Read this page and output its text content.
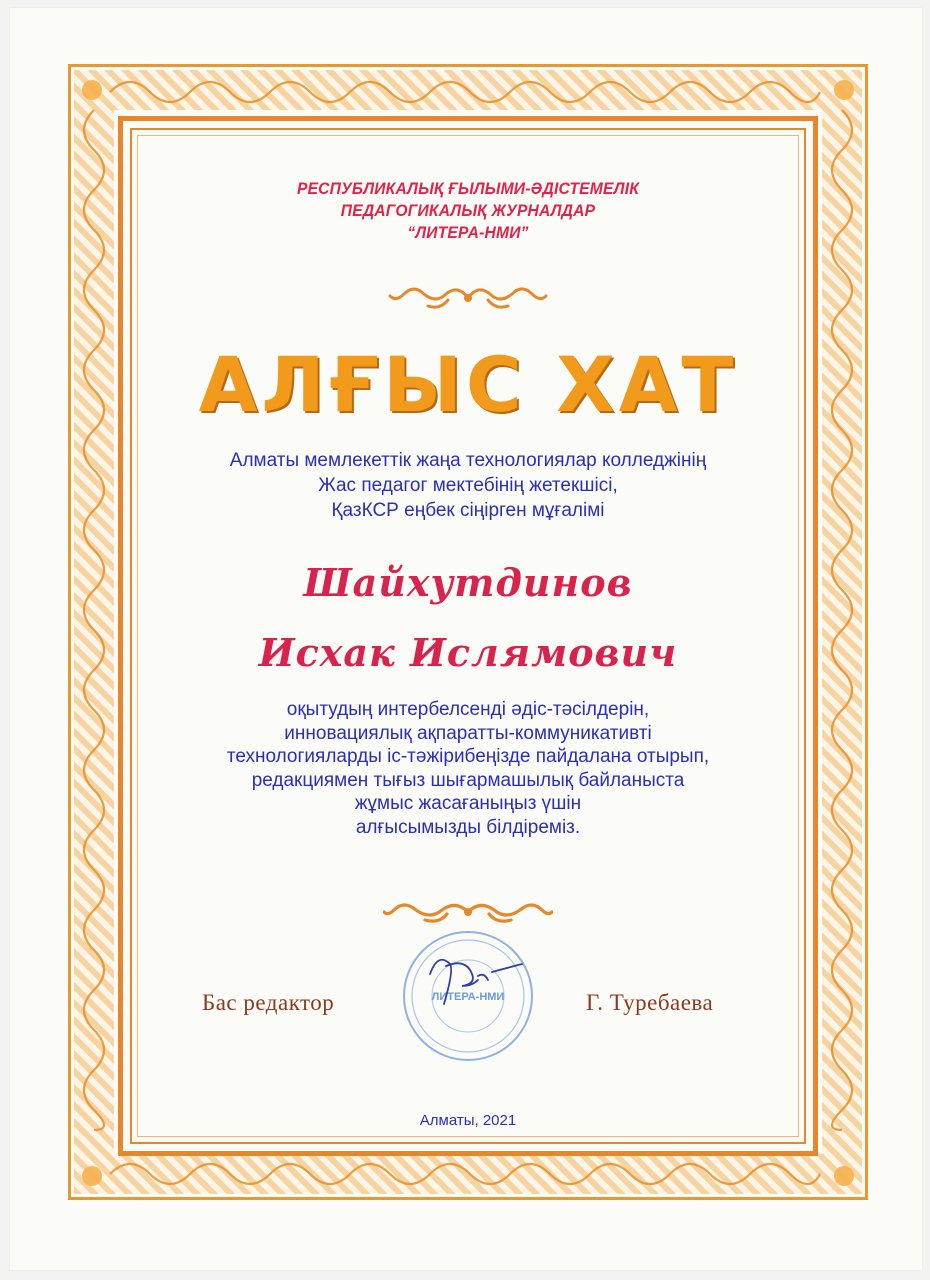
РЕСПУБЛИКАЛЫҚ ҒЫЛЫМИ-ӘДІСТЕМЕЛІК
ПЕДАГОГИКАЛЫҚ ЖУРНАЛДАР
“ЛИТЕРА-НМИ”
АЛҒЫС ХАТ
Алматы мемлекеттік жаңа технологиялар колледжінің
Жас педагог мектебінің жетекшісі,
ҚазКСР еңбек сіңірген мұғалімі
Шайхутдинов
Исхак Ислямович
оқытудың интербелсенді әдіс-тәсілдерін,
инновациялық ақпаратты-коммуникативті
технологияларды іс-тәжірибеңізде пайдалана отырып,
редакциямен тығыз шығармашылық байланыста
жұмыс жасағаныңыз үшін
алғысымызды білдіреміз.
Бас редактор	ЛИТЕРА-НМИ	Г. Туребаева
Алматы, 2021
